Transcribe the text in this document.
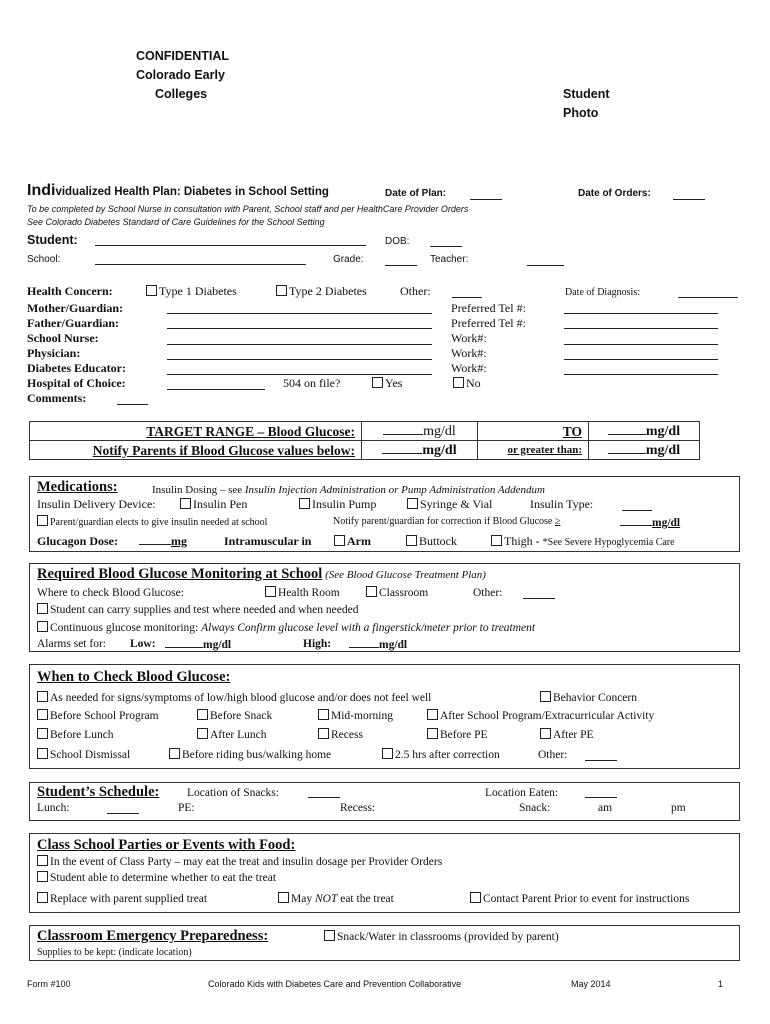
CONFIDENTIAL
Colorado Early
Colleges	Student
Photo
Individualized Health Plan: Diabetes in School Setting	Date of Plan:	Date of Orders:
To be completed by School Nurse in consultation with Parent, School staff and per HealthCare Provider Orders
See Colorado Diabetes Standard of Care Guidelines for the School Setting
Student:	DOB:
School:	Grade:	Teacher:
Health Concern:	Type 1 Diabetes	Type 2 Diabetes	Other:	Date of Diagnosis:
Mother/Guardian:	Preferred Tel #:
Father/Guardian:	Preferred Tel #:
School Nurse:	Work#:
Physician:	Work#:
Diabetes Educator:	Work#:
Hospital of Choice:	504 on file?	Yes	No
Comments:
TARGET RANGE – Blood Glucose:	mg/dl	TO	mg/dl
Notify Parents if Blood Glucose values below:	mg/dl	or greater than:	mg/dl
Medications:	Insulin Dosing – see Insulin Injection Administration or Pump Administration Addendum
Insulin Delivery Device:	Insulin Pen	Insulin Pump	Syringe & Vial	Insulin Type:
Parent/guardian elects to give insulin needed at school	Notify parent/guardian for correction if Blood Glucose ≥	mg/dl
Glucagon Dose:	mg	Intramuscular in	Arm	Buttock	Thigh - *See Severe Hypoglycemia Care
Required Blood Glucose Monitoring at School (See Blood Glucose Treatment Plan)
Where to check Blood Glucose:	Health Room	Classroom	Other:
Student can carry supplies and test where needed and when needed
Continuous glucose monitoring: Always Confirm glucose level with a fingerstick/meter prior to treatment
Alarms set for: Low:	mg/dl	High:	mg/dl
When to Check Blood Glucose:
As needed for signs/symptoms of low/high blood glucose and/or does not feel well	Behavior Concern
Before School Program	Before Snack	Mid-morning	After School Program/Extracurricular Activity
Before Lunch	After Lunch	Recess	Before PE	After PE
School Dismissal	Before riding bus/walking home	2.5 hrs after correction	Other:
Student’s Schedule: Location of Snacks:	Location Eaten:
Lunch:	PE:	Recess:	Snack:	am	pm
Class School Parties or Events with Food:
In the event of Class Party – may eat the treat and insulin dosage per Provider Orders
Student able to determine whether to eat the treat
Replace with parent supplied treat	May NOT eat the treat	Contact Parent Prior to event for instructions
Classroom Emergency Preparedness:	Snack/Water in classrooms (provided by parent)
Supplies to be kept: (indicate location)
Form #100	Colorado Kids with Diabetes Care and Prevention Collaborative	May 2014	1
